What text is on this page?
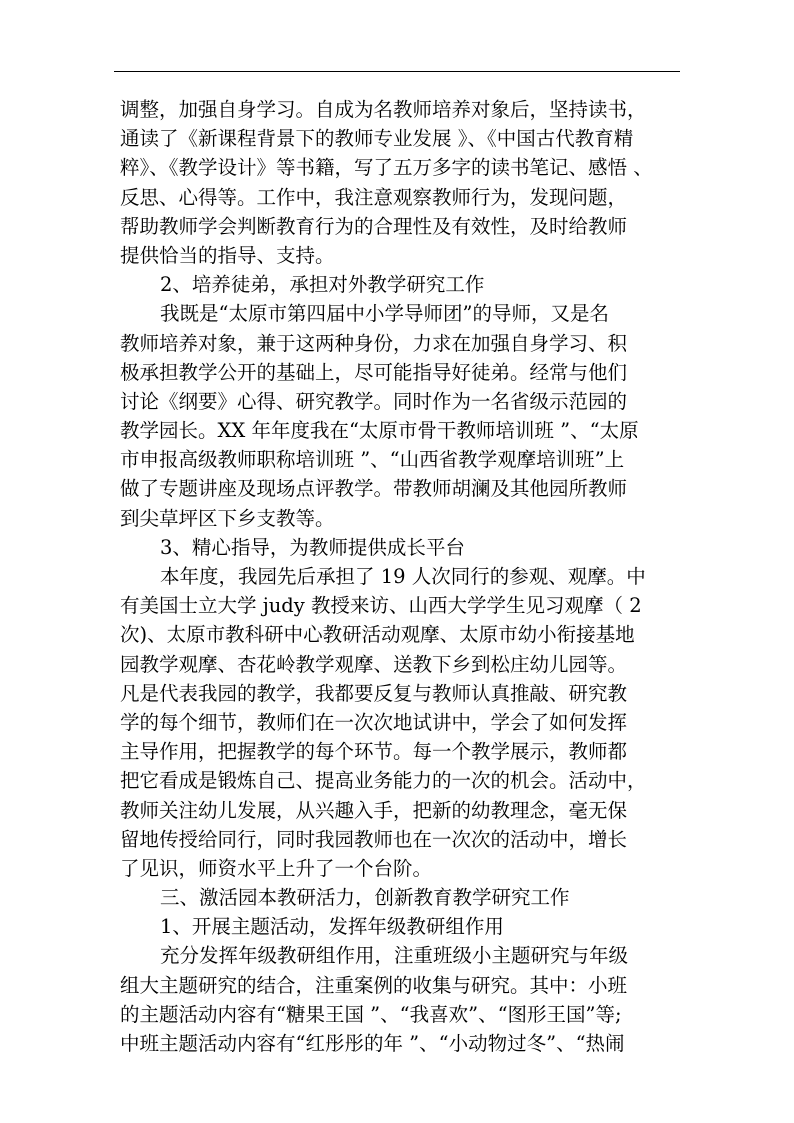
调整，加强自身学习。自成为名教师培养对象后，坚持读书，
通读了《新课程背景下的教师专业发展 》、《中国古代教育精
粹》、《教学设计》等书籍，写了五万多字的读书笔记、感悟 、
反思、心得等。工作中，我注意观察教师行为，发现问题，
帮助教师学会判断教育行为的合理性及有效性，及时给教师
提供恰当的指导、支持。
2、培养徒弟，承担对外教学研究工作
我既是“太原市第四届中小学导师团”的导师，又是名
教师培养对象，兼于这两种身份，力求在加强自身学习、积
极承担教学公开的基础上，尽可能指导好徒弟。经常与他们
讨论《纲要》心得、研究教学。同时作为一名省级示范园的
教学园长。XX 年年度我在“太原市骨干教师培训班 ”、“太原
市申报高级教师职称培训班 ”、“山西省教学观摩培训班”上
做了专题讲座及现场点评教学。带教师胡澜及其他园所教师
到尖草坪区下乡支教等。
3、精心指导，为教师提供成长平台
本年度，我园先后承担了 19 人次同行的参观、观摩。中
有美国士立大学 judy 教授来访、山西大学学生见习观摩（ 2
次)、太原市教科研中心教研活动观摩、太原市幼小衔接基地
园教学观摩、杏花岭教学观摩、送教下乡到松庄幼儿园等。
凡是代表我园的教学，我都要反复与教师认真推敲、研究教
学的每个细节，教师们在一次次地试讲中，学会了如何发挥
主导作用，把握教学的每个环节。每一个教学展示，教师都
把它看成是锻炼自己、提高业务能力的一次的机会。活动中，
教师关注幼儿发展，从兴趣入手，把新的幼教理念，毫无保
留地传授给同行，同时我园教师也在一次次的活动中，增长
了见识，师资水平上升了一个台阶。
三、激活园本教研活力，创新教育教学研究工作
1、开展主题活动，发挥年级教研组作用
充分发挥年级教研组作用，注重班级小主题研究与年级
组大主题研究的结合，注重案例的收集与研究。其中：小班
的主题活动内容有“糖果王国 ”、“我喜欢”、“图形王国”等;
中班主题活动内容有“红彤彤的年 ”、“小动物过冬”、“热闹
